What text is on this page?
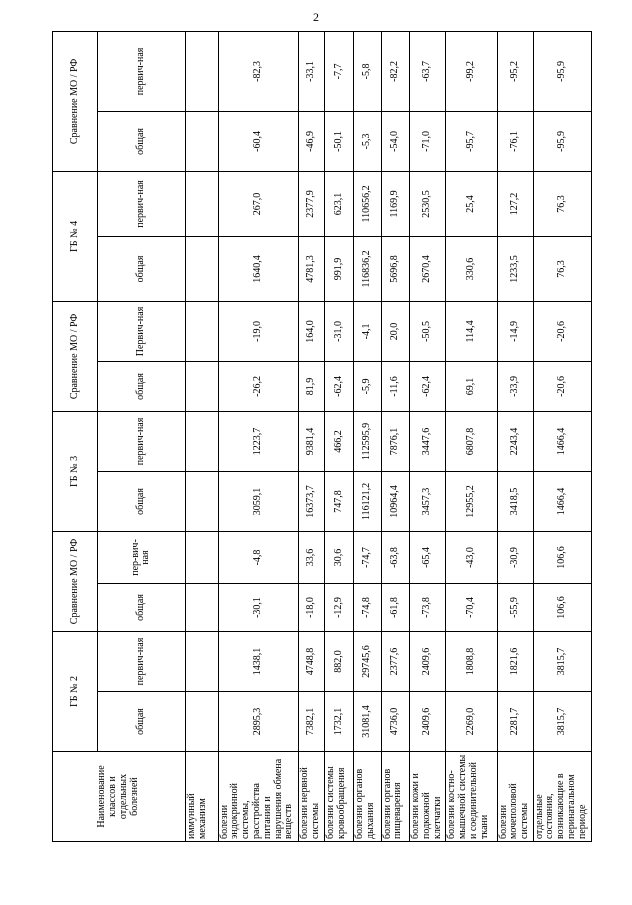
2
Наименование классов и отдельных болезней	ГБ № 2		Сравнение МО / РФ		ГБ № 3		Сравнение МО / РФ		ГБ № 4		Сравнение МО / РФ	
	общая	первич-ная	общая	пер-вич-ная	общая	первич-ная	общая	Первич-ная	общая	первич-ная	общая	первич-ная
иммунный механизм												
болезни эндокринной системы, расстройства питания и нарушения обмена веществ	2895,3	1438,1	-30,1	-4,8	3059,1	1223,7	-26,2	-19,0	1640,4	267,0	-60,4	-82,3
болезни нервной системы	7382,1	4748,8	-18,0	33,6	16373,7	9381,4	81,9	164,0	4781,3	2377,9	-46,9	-33,1
болезни системы кровообращения	1732,1	882,0	-12,9	30,6	747,8	466,2	-62,4	-31,0	991,9	623,1	-50,1	-7,7
болезни органов дыхания	31081,4	29745,6	-74,8	-74,7	116121,2	112595,9	-5,9	-4,1	116836,2	110656,2	-5,3	-5,8
болезни органов пищеварения	4736,0	2377,6	-61,8	-63,8	10964,4	7876,1	-11,6	20,0	5696,8	1169,9	-54,0	-82,2
болезни кожи и подкожной клетчатки	2409,6	2409,6	-73,8	-65,4	3457,3	3447,6	-62,4	-50,5	2670,4	2530,5	-71,0	-63,7
болезни костно-мышечной системы и соединительной ткани	2269,0	1808,8	-70,4	-43,0	12955,2	6807,8	69,1	114,4	330,6	25,4	-95,7	-99,2
болезни мочеполовой системы	2281,7	1821,6	-55,9	-30,9	3418,5	2243,4	-33,9	-14,9	1233,5	127,2	-76,1	-95,2
отдельные состояния, возникающие в перинатальном периоде	3815,7	3815,7	106,6	106,6	1466,4	1466,4	-20,6	-20,6	76,3	76,3	-95,9	-95,9
